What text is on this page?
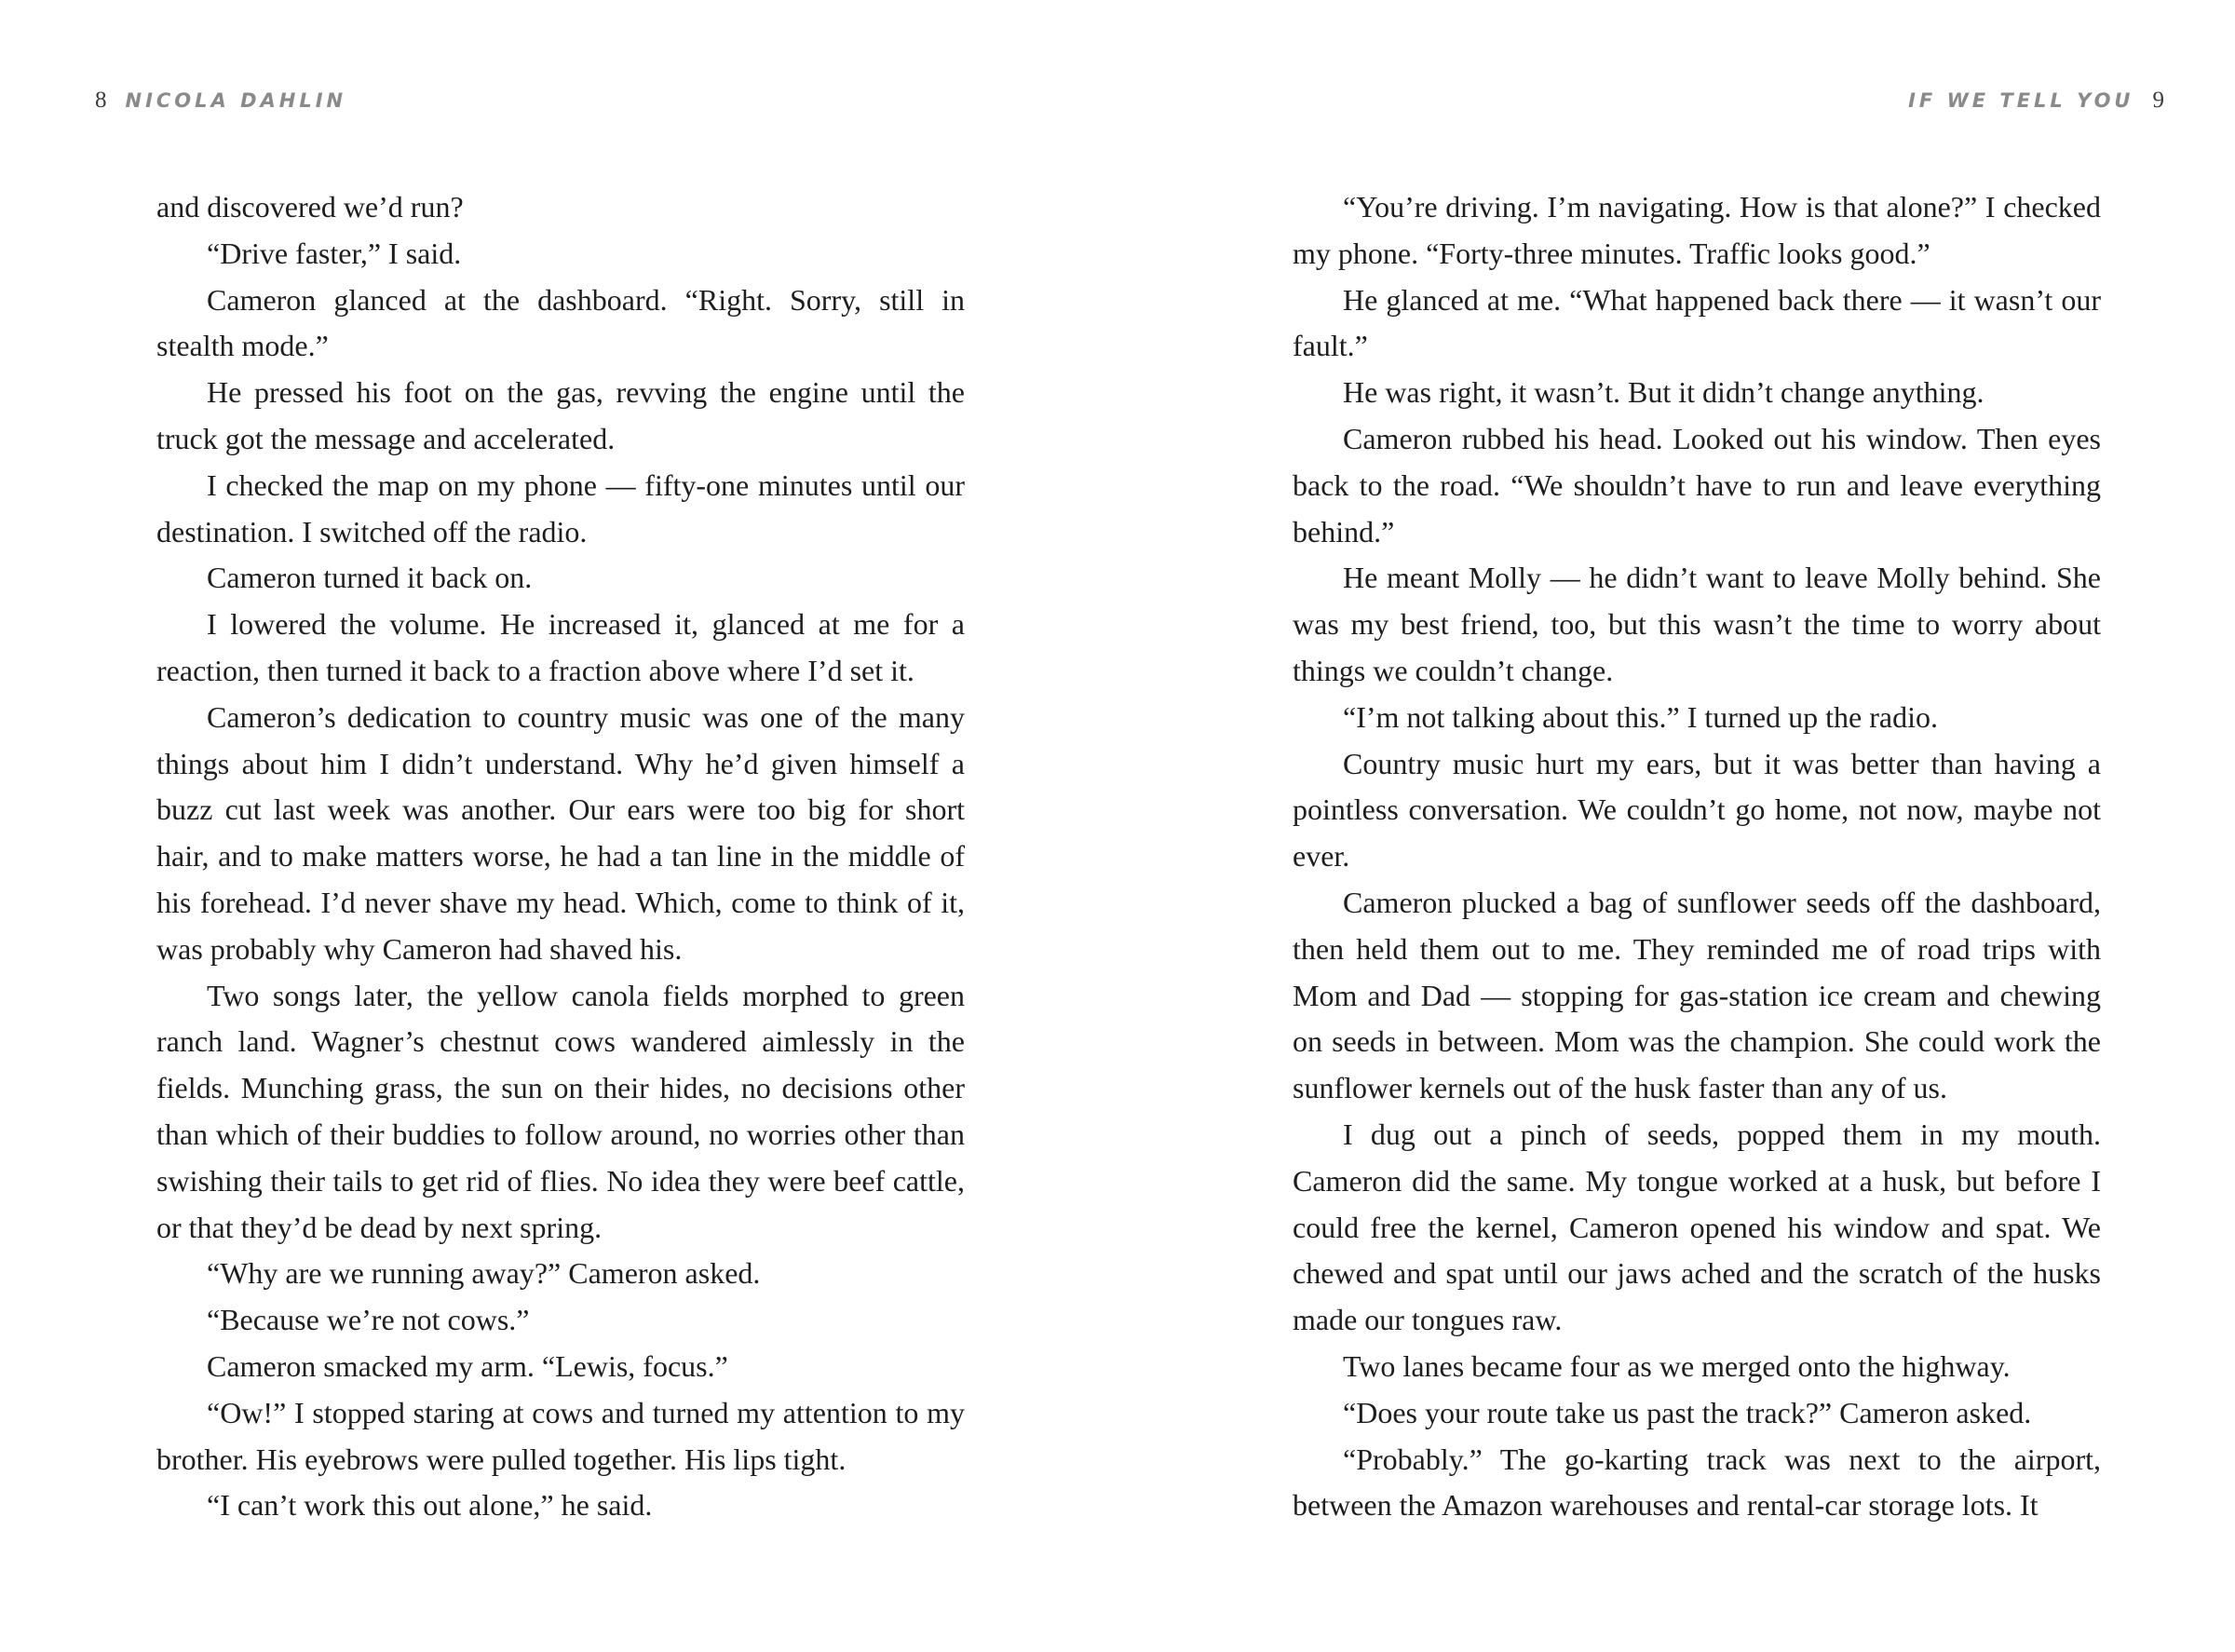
8 NICOLA DAHLIN

and discovered we’d run?

“Drive faster,” I said.

Cameron glanced at the dashboard. “Right. Sorry, still in stealth mode.”

He pressed his foot on the gas, revving the engine until the truck got the message and accelerated.

I checked the map on my phone — fifty-one minutes until our destination. I switched off the radio.

Cameron turned it back on.

I lowered the volume. He increased it, glanced at me for a reaction, then turned it back to a fraction above where I’d set it.

Cameron’s dedication to country music was one of the many things about him I didn’t understand. Why he’d given himself a buzz cut last week was another. Our ears were too big for short hair, and to make matters worse, he had a tan line in the middle of his forehead. I’d never shave my head. Which, come to think of it, was probably why Cameron had shaved his.

Two songs later, the yellow canola fields morphed to green ranch land. Wagner’s chestnut cows wandered aimlessly in the fields. Munching grass, the sun on their hides, no decisions other than which of their buddies to follow around, no worries other than swishing their tails to get rid of flies. No idea they were beef cattle, or that they’d be dead by next spring.

“Why are we running away?” Cameron asked.

“Because we’re not cows.”

Cameron smacked my arm. “Lewis, focus.”

“Ow!” I stopped staring at cows and turned my attention to my brother. His eyebrows were pulled together. His lips tight.

“I can’t work this out alone,” he said.

IF WE TELL YOU 9

“You’re driving. I’m navigating. How is that alone?” I checked my phone. “Forty-three minutes. Traffic looks good.”

He glanced at me. “What happened back there — it wasn’t our fault.”

He was right, it wasn’t. But it didn’t change anything.

Cameron rubbed his head. Looked out his window. Then eyes back to the road. “We shouldn’t have to run and leave everything behind.”

He meant Molly — he didn’t want to leave Molly behind. She was my best friend, too, but this wasn’t the time to worry about things we couldn’t change.

“I’m not talking about this.” I turned up the radio.

Country music hurt my ears, but it was better than having a pointless conversation. We couldn’t go home, not now, maybe not ever.

Cameron plucked a bag of sunflower seeds off the dashboard, then held them out to me. They reminded me of road trips with Mom and Dad — stopping for gas-station ice cream and chewing on seeds in between. Mom was the champion. She could work the sunflower kernels out of the husk faster than any of us.

I dug out a pinch of seeds, popped them in my mouth. Cameron did the same. My tongue worked at a husk, but before I could free the kernel, Cameron opened his window and spat. We chewed and spat until our jaws ached and the scratch of the husks made our tongues raw.

Two lanes became four as we merged onto the highway.

“Does your route take us past the track?” Cameron asked.

“Probably.” The go-karting track was next to the airport, between the Amazon warehouses and rental-car storage lots. It
